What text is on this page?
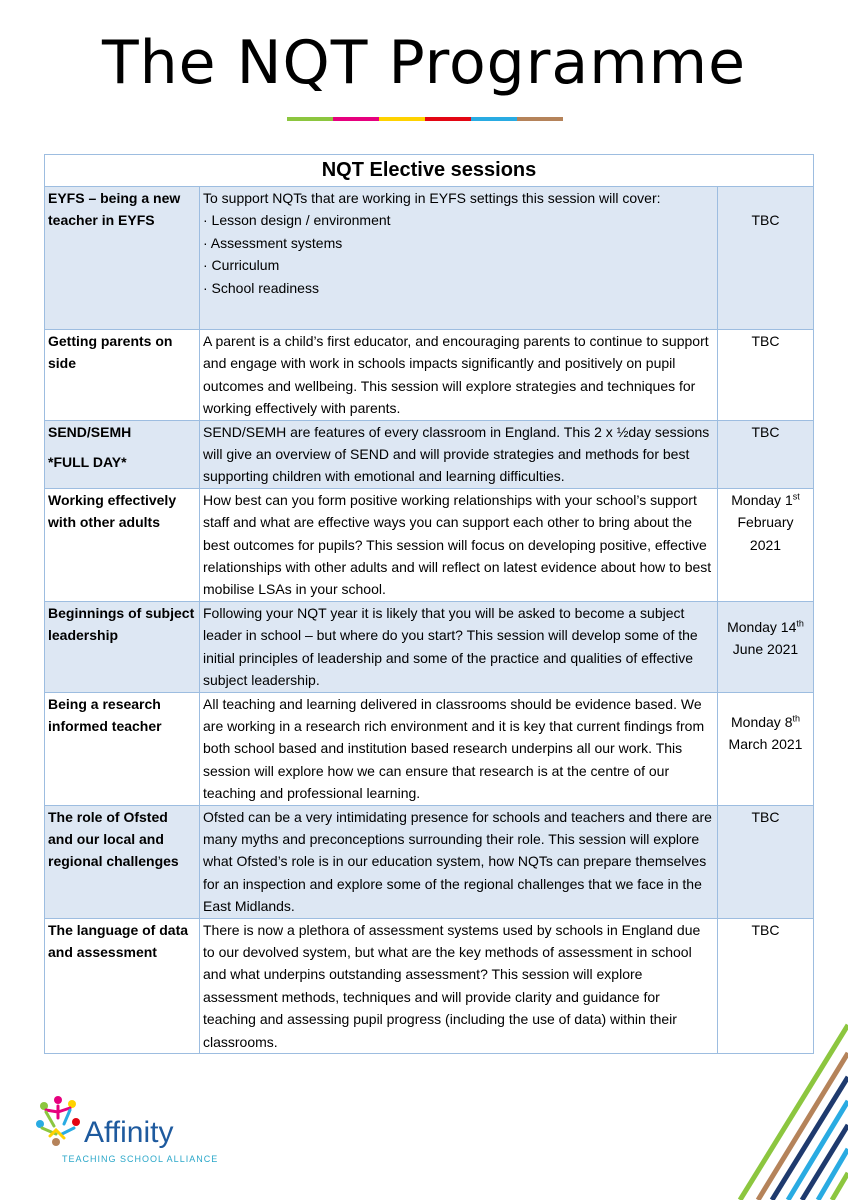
The NQT Programme
NQT Elective sessions		

EYFS – being a new
teacher in EYFS	To support NQTs that are working in EYFS settings this session will cover:
· Lesson design / environment
· Assessment systems
· Curriculum
· School readiness	TBC
Getting parents on side	A parent is a child’s first educator, and encouraging parents to continue to support and engage with work in schools impacts significantly and positively on pupil outcomes and wellbeing. This session will explore strategies and techniques for working effectively with parents.	TBC

SEND/SEMH
*FULL DAY*	SEND/SEMH are features of every classroom in England. This 2 x ½day sessions will give an overview of SEND and will provide strategies and methods for best supporting children with emotional and learning difficulties.	TBC
Working effectively with other adults	How best can you form positive working relationships with your school’s support staff and what are effective ways you can support each other to bring about the best outcomes for pupils? This session will focus on developing positive, effective relationships with other adults and will reflect on latest evidence about how to best mobilise LSAs in your school.	Monday 1st
February 2021
Beginnings of subject leadership	Following your NQT year it is likely that you will be asked to become a subject leader in school – but where do you start? This session will develop some of the initial principles of leadership and some of the practice and qualities of effective subject leadership.	Monday 14th
June 2021
Being a research informed teacher	All teaching and learning delivered in classrooms should be evidence based. We are working in a research rich environment and it is key that current findings from both school based and institution based research underpins all our work. This session will explore how we can ensure that research is at the centre of our teaching and professional learning.	Monday 8th
March 2021
The role of Ofsted and our local and regional challenges	Ofsted can be a very intimidating presence for schools and teachers and there are many myths and preconceptions surrounding their role. This session will explore what Ofsted’s role is in our education system, how NQTs can prepare themselves for an inspection and explore some of the regional challenges that we face in the East Midlands.	TBC
The language of data and assessment	There is now a plethora of assessment systems used by schools in England due to our devolved system, but what are the key methods of assessment in school and what underpins outstanding assessment? This session will explore assessment methods, techniques and will provide clarity and guidance for teaching and assessing pupil progress (including the use of data) within their classrooms.	TBC
Affinity
TEACHING SCHOOL ALLIANCE
